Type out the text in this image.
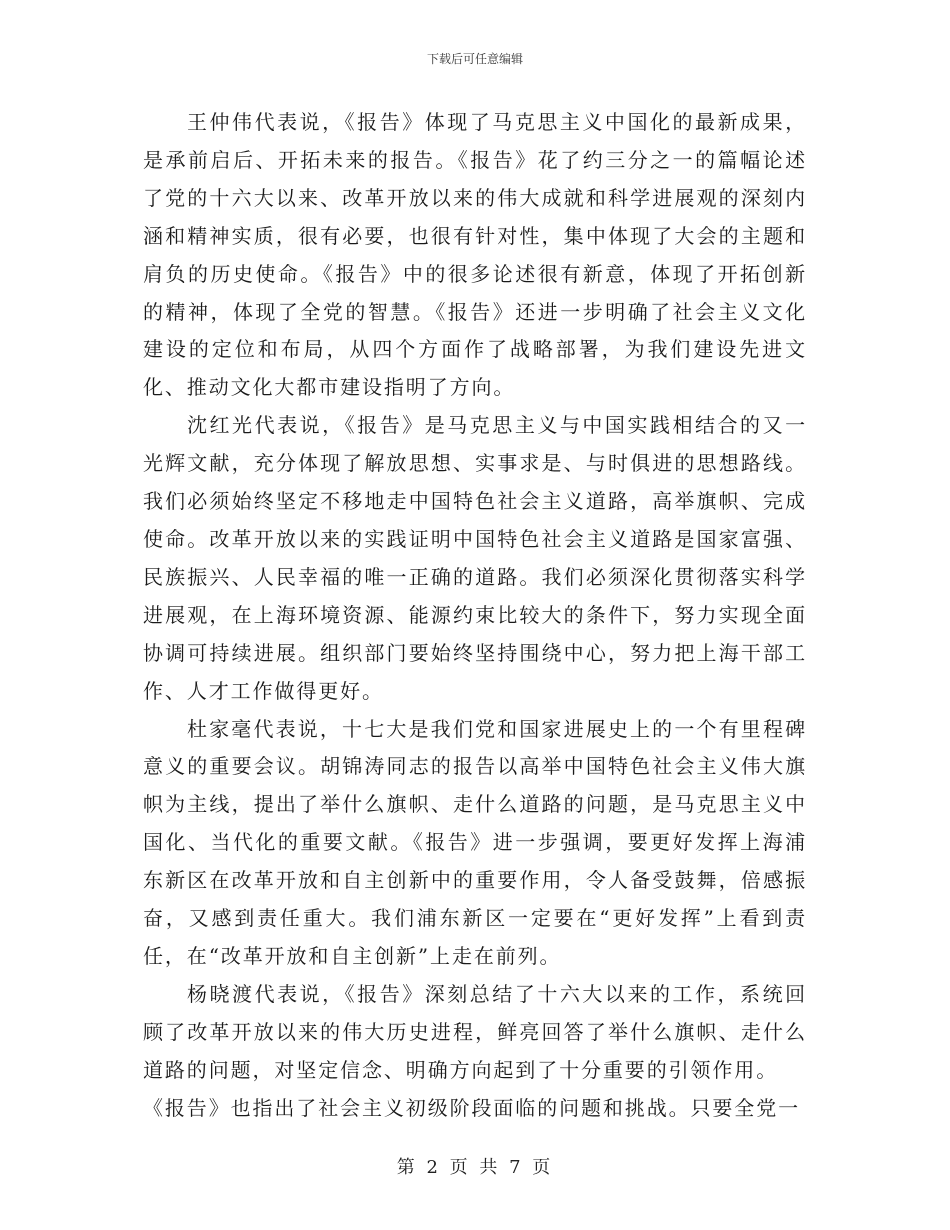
下载后可任意编辑

王仲伟代表说，《报告》体现了马克思主义中国化的最新成果，是承前启后、开拓未来的报告。《报告》花了约三分之一的篇幅论述了党的十六大以来、改革开放以来的伟大成就和科学进展观的深刻内涵和精神实质，很有必要，也很有针对性，集中体现了大会的主题和肩负的历史使命。《报告》中的很多论述很有新意，体现了开拓创新的精神，体现了全党的智慧。《报告》还进一步明确了社会主义文化建设的定位和布局，从四个方面作了战略部署，为我们建设先进文化、推动文化大都市建设指明了方向。

沈红光代表说，《报告》是马克思主义与中国实践相结合的又一光辉文献，充分体现了解放思想、实事求是、与时俱进的思想路线。我们必须始终坚定不移地走中国特色社会主义道路，高举旗帜、完成使命。改革开放以来的实践证明中国特色社会主义道路是国家富强、民族振兴、人民幸福的唯一正确的道路。我们必须深化贯彻落实科学进展观，在上海环境资源、能源约束比较大的条件下，努力实现全面协调可持续进展。组织部门要始终坚持围绕中心，努力把上海干部工作、人才工作做得更好。

杜家毫代表说，十七大是我们党和国家进展史上的一个有里程碑意义的重要会议。胡锦涛同志的报告以高举中国特色社会主义伟大旗帜为主线，提出了举什么旗帜、走什么道路的问题，是马克思主义中国化、当代化的重要文献。《报告》进一步强调，要更好发挥上海浦东新区在改革开放和自主创新中的重要作用，令人备受鼓舞，倍感振奋，又感到责任重大。我们浦东新区一定要在“更好发挥”上看到责任，在“改革开放和自主创新”上走在前列。

杨晓渡代表说，《报告》深刻总结了十六大以来的工作，系统回顾了改革开放以来的伟大历史进程，鲜亮回答了举什么旗帜、走什么道路的问题，对坚定信念、明确方向起到了十分重要的引领作用。

《报告》也指出了社会主义初级阶段面临的问题和挑战。只要全党一

第 2 页 共 7 页
